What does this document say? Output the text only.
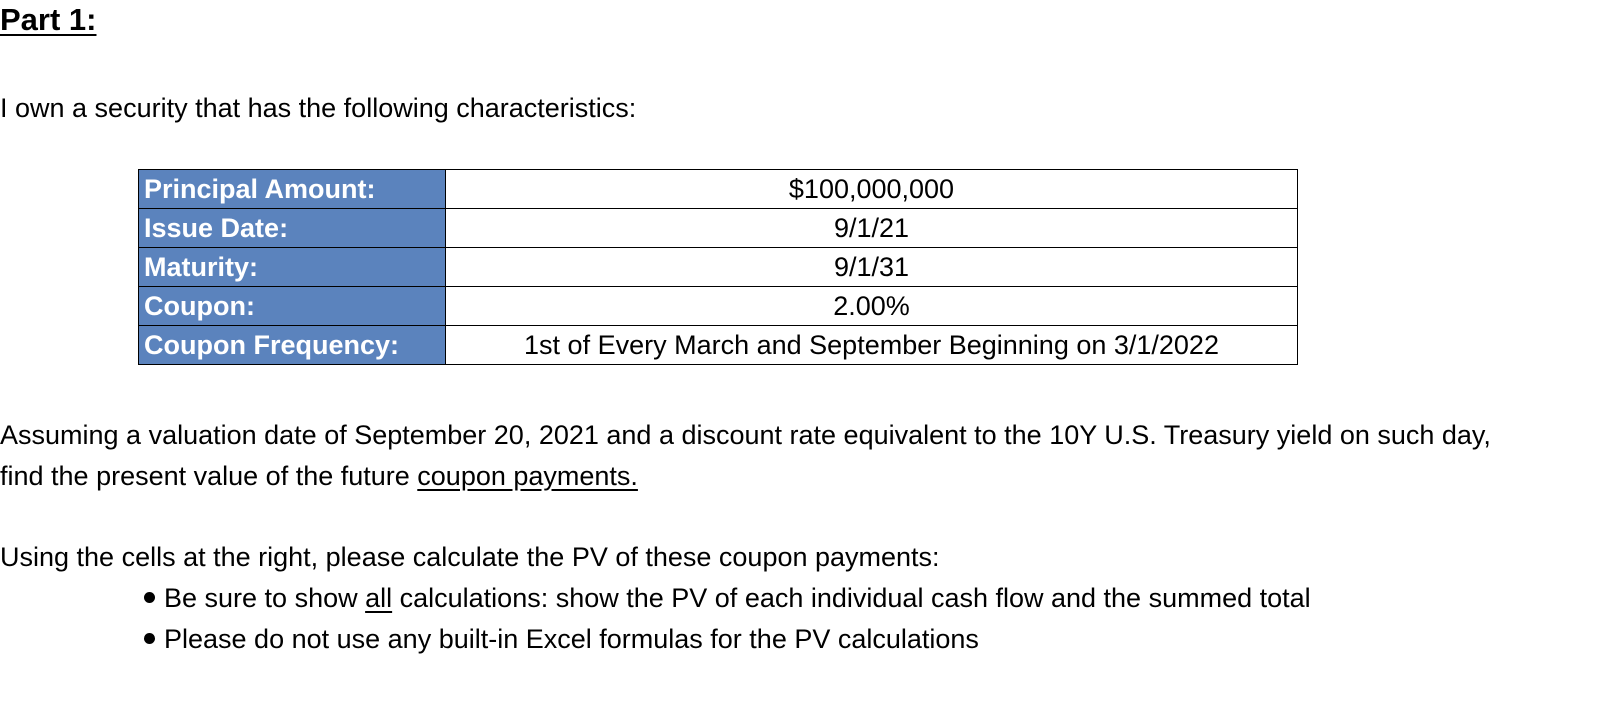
Part 1:
I own a security that has the following characteristics:
Principal Amount:	$100,000,000
Issue Date:	9/1/21
Maturity:	9/1/31
Coupon:	2.00%
Coupon Frequency:	1st of Every March and September Beginning on 3/1/2022
Assuming a valuation date of September 20, 2021 and a discount rate equivalent to the 10Y U.S. Treasury yield on such day,
find the present value of the future coupon payments.
Using the cells at the right, please calculate the PV of these coupon payments:
Be sure to show all calculations: show the PV of each individual cash flow and the summed total
Please do not use any built-in Excel formulas for the PV calculations
